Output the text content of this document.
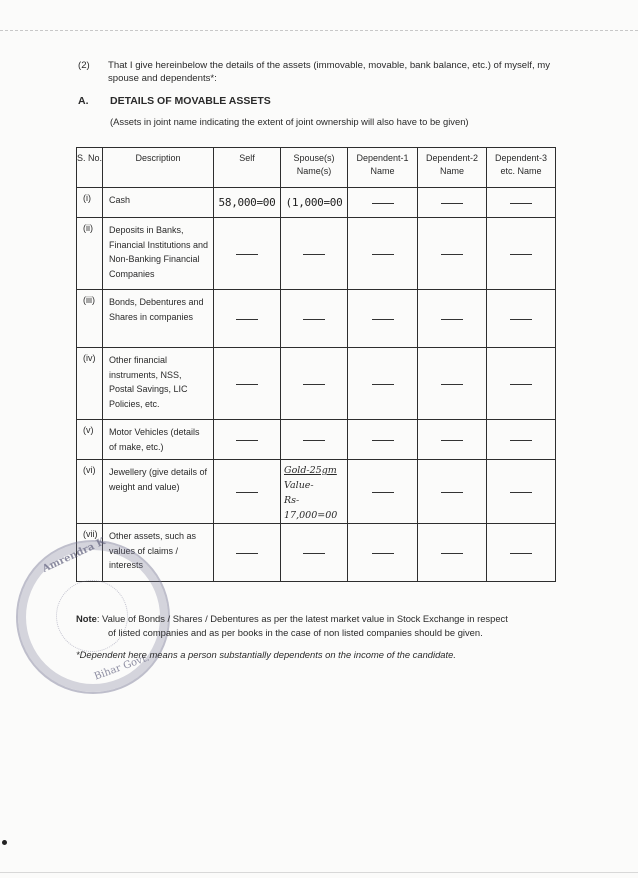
(2) That I give hereinbelow the details of the assets (immovable, movable, bank balance, etc.) of myself, my spouse and dependents*:
A. DETAILS OF MOVABLE ASSETS
(Assets in joint name indicating the extent of joint ownership will also have to be given)
S. No.	Description	Self	Spouse(s) Name(s)	Dependent-1 Name	Dependent-2 Name	Dependent-3 etc. Name
(i)	Cash	58,000=00	(1,000=00			
(ii)	Deposits in Banks, Financial Institutions and Non-Banking Financial Companies					
(iii)	Bonds, Debentures and Shares in companies					
(iv)	Other financial instruments, NSS, Postal Savings, LIC Policies, etc.					
(v)	Motor Vehicles (details of make, etc.)					
(vi)	Jewellery (give details of weight and value)		Gold-25gm
Value-
Rs-17,000=00			

(vii)	Other assets, such as values of claims / interests					
Amrendra K
Bihar Govt.
Note: Value of Bonds / Shares / Debentures as per the latest market value in Stock Exchange in respect
of listed companies and as per books in the case of non listed companies should be given.
*Dependent here means a person substantially dependents on the income of the candidate.
